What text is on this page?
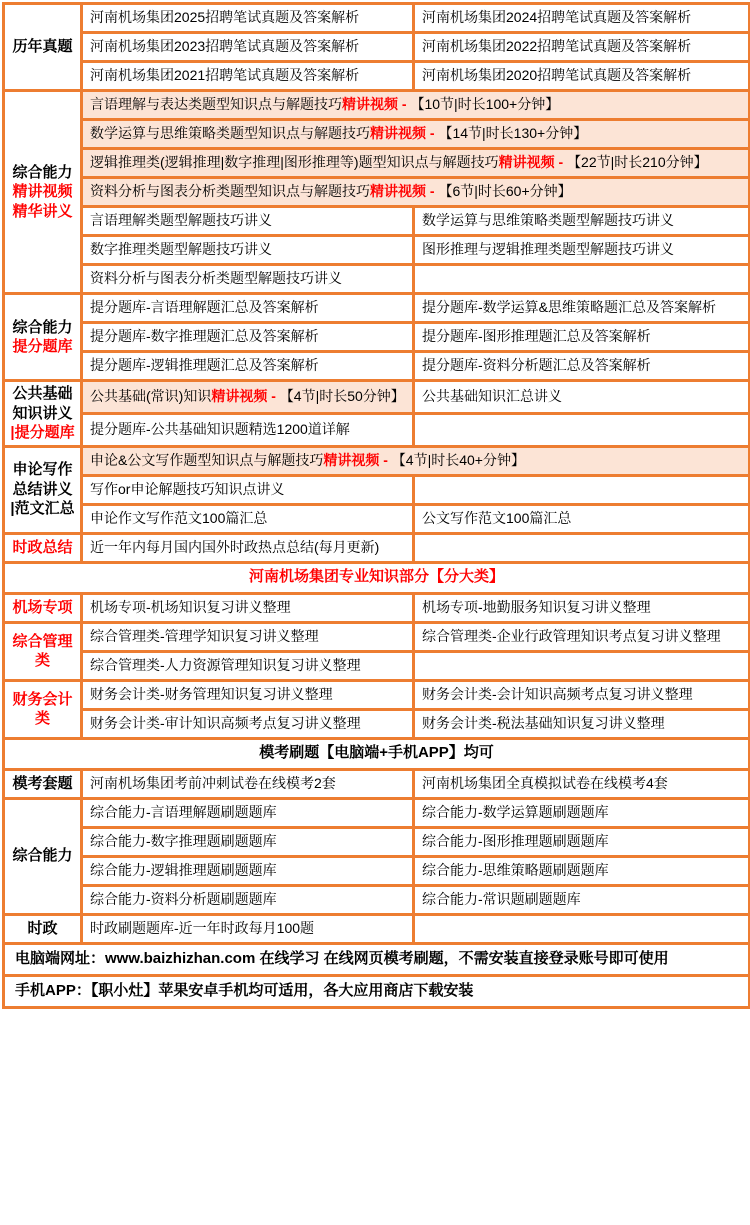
历年真题	河南机场集团2025招聘笔试真题及答案解析	河南机场集团2024招聘笔试真题及答案解析
	河南机场集团2023招聘笔试真题及答案解析	河南机场集团2022招聘笔试真题及答案解析
	河南机场集团2021招聘笔试真题及答案解析	河南机场集团2020招聘笔试真题及答案解析

综合能力
精讲视频
精华讲义	言语理解与表达类题型知识点与解题技巧精讲视频 - 【10节|时长100+分钟】	
	数学运算与思维策略类题型知识点与解题技巧精讲视频 - 【14节|时长130+分钟】	
	逻辑推理类(逻辑推理|数字推理|图形推理等)题型知识点与解题技巧精讲视频 - 【22节|时长210分钟】	
	资料分析与图表分析类题型知识点与解题技巧精讲视频 - 【6节|时长60+分钟】	
	言语理解类题型解题技巧讲义	数学运算与思维策略类题型解题技巧讲义
	数字推理类题型解题技巧讲义	图形推理与逻辑推理类题型解题技巧讲义
	资料分析与图表分析类题型解题技巧讲义	

综合能力
提分题库	提分题库-言语理解题汇总及答案解析	提分题库-数学运算&思维策略题汇总及答案解析
	提分题库-数字推理题汇总及答案解析	提分题库-图形推理题汇总及答案解析
	提分题库-逻辑推理题汇总及答案解析	提分题库-资料分析题汇总及答案解析

公共基础
知识讲义
|提分题库	公共基础(常识)知识精讲视频 - 【4节|时长50分钟】	公共基础知识汇总讲义
	提分题库-公共基础知识题精选1200道详解	

申论写作
总结讲义
|范文汇总	申论&公文写作题型知识点与解题技巧精讲视频 - 【4节|时长40+分钟】	
	写作or申论解题技巧知识点讲义	
	申论作文写作范文100篇汇总	公文写作范文100篇汇总

时政总结	近一年内每月国内国外时政热点总结(每月更新)	
河南机场集团专业知识部分【分大类】		

机场专项	机场专项-机场知识复习讲义整理	机场专项-地勤服务知识复习讲义整理

综合管理
类	综合管理类-管理学知识复习讲义整理	综合管理类-企业行政管理知识考点复习讲义整理
	综合管理类-人力资源管理知识复习讲义整理	

财务会计
类	财务会计类-财务管理知识复习讲义整理	财务会计类-会计知识高频考点复习讲义整理
	财务会计类-审计知识高频考点复习讲义整理	财务会计类-税法基础知识复习讲义整理
模考刷题【电脑端+手机APP】均可		

模考套题	河南机场集团考前冲刺试卷在线模考2套	河南机场集团全真模拟试卷在线模考4套

综合能力	综合能力-言语理解题刷题题库	综合能力-数学运算题刷题题库
	综合能力-数字推理题刷题题库	综合能力-图形推理题刷题题库
	综合能力-逻辑推理题刷题题库	综合能力-思维策略题刷题题库
	综合能力-资料分析题刷题题库	综合能力-常识题刷题题库

时政	时政刷题题库-近一年时政每月100题	
电脑端网址：www.baizhizhan.com 在线学习 在线网页模考刷题，不需安装直接登录账号即可使用		
手机APP：【职小灶】苹果安卓手机均可适用，各大应用商店下载安装		
